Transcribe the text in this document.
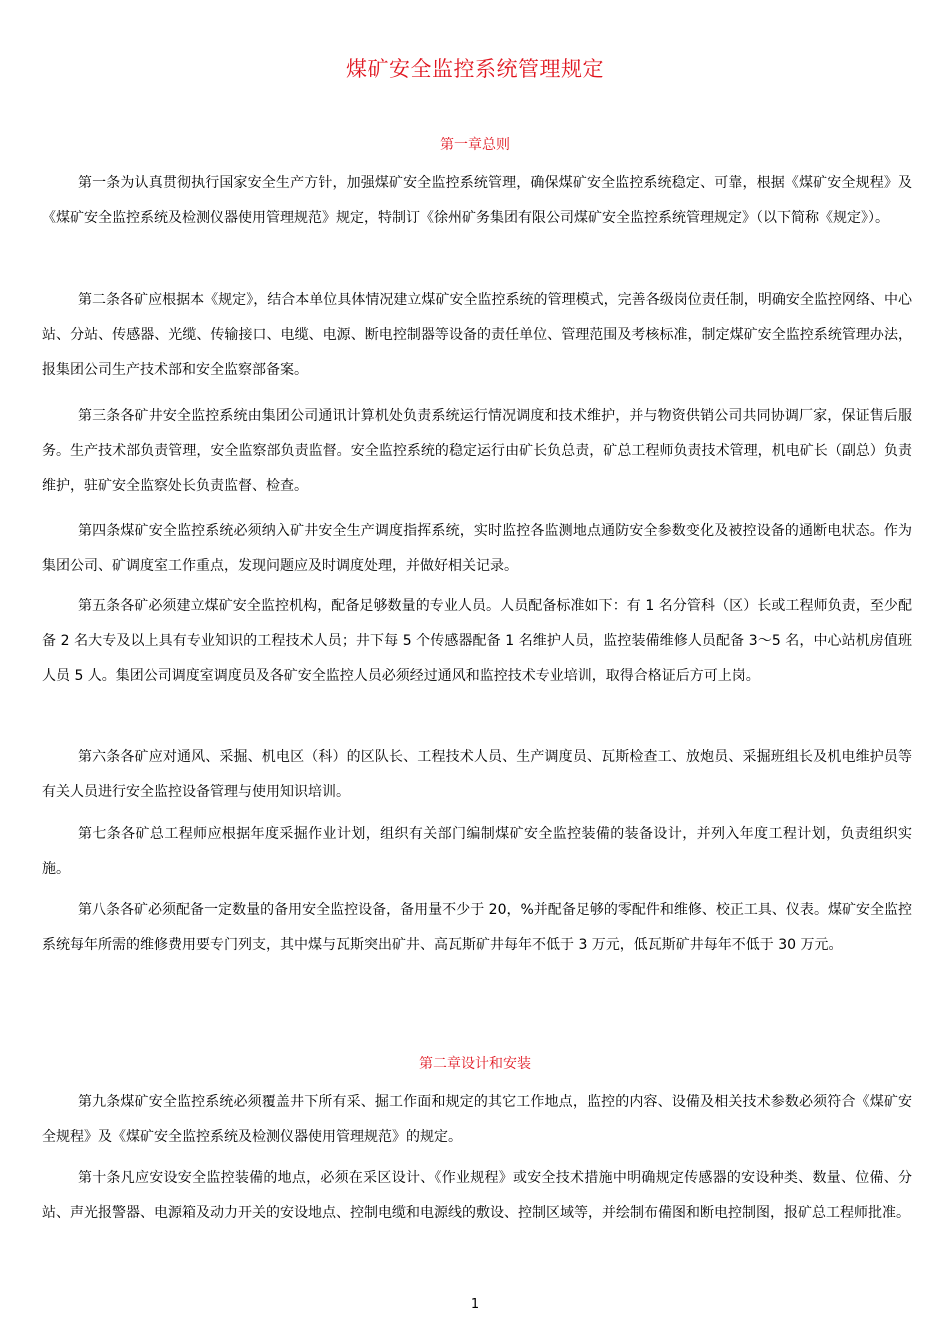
煤矿安全监控系统管理规定
第一章总则

第一条为认真贯彻执行国家安全生产方针，加强煤矿安全监控系统管理，确保煤矿安全监控系统稳定、可靠，根据《煤矿安全规程》及《煤矿安全监控系统及检测仪器使用管理规范》规定，特制订《徐州矿务集团有限公司煤矿安全监控系统管理规定》（以下简称《规定》）。

第二条各矿应根据本《规定》，结合本单位具体情况建立煤矿安全监控系统的管理模式，完善各级岗位责任制，明确安全监控网络、中心站、分站、传感器、光缆、传输接口、电缆、电源、断电控制器等设备的责任单位、管理范围及考核标准，制定煤矿安全监控系统管理办法，报集团公司生产技术部和安全监察部备案。

第三条各矿井安全监控系统由集团公司通讯计算机处负责系统运行情况调度和技术维护，并与物资供销公司共同协调厂家，保证售后服务。生产技术部负责管理，安全监察部负责监督。安全监控系统的稳定运行由矿长负总责，矿总工程师负责技术管理，机电矿长（副总）负责维护，驻矿安全监察处长负责监督、检查。

第四条煤矿安全监控系统必须纳入矿井安全生产调度指挥系统，实时监控各监测地点通防安全参数变化及被控设备的通断电状态。作为集团公司、矿调度室工作重点，发现问题应及时调度处理，并做好相关记录。

第五条各矿必须建立煤矿安全监控机构，配备足够数量的专业人员。人员配备标准如下：有 1 名分管科（区）长或工程师负责，至少配备 2 名大专及以上具有专业知识的工程技术人员；井下每 5 个传感器配备 1 名维护人员，监控装備维修人员配备 3～5 名，中心站机房值班人员 5 人。集团公司调度室调度员及各矿安全监控人员必须经过通风和监控技术专业培训，取得合格证后方可上岗。

第六条各矿应对通风、采掘、机电区（科）的区队长、工程技术人员、生产调度员、瓦斯检查工、放炮员、采掘班组长及机电维护员等有关人员进行安全监控设备管理与使用知识培训。

第七条各矿总工程师应根据年度采掘作业计划，组织有关部门编制煤矿安全监控装備的装备设计，并列入年度工程计划，负责组织实施。

第八条各矿必须配备一定数量的备用安全监控设备，备用量不少于 20，%并配备足够的零配件和维修、校正工具、仪表。煤矿安全监控系统每年所需的维修费用要专门列支，其中煤与瓦斯突出矿井、高瓦斯矿井每年不低于 3 万元，低瓦斯矿井每年不低于 30 万元。

第二章设计和安装

第九条煤矿安全监控系统必须覆盖井下所有采、掘工作面和规定的其它工作地点，监控的内容、设備及相关技术参数必须符合《煤矿安全规程》及《煤矿安全监控系统及检测仪器使用管理规范》的规定。

第十条凡应安设安全监控装備的地点，必须在采区设计、《作业规程》或安全技术措施中明确规定传感器的安设种类、数量、位備、分站、声光报警器、电源箱及动力开关的安设地点、控制电缆和电源线的敷设、控制区域等，并绘制布備图和断电控制图，报矿总工程师批准。

1
